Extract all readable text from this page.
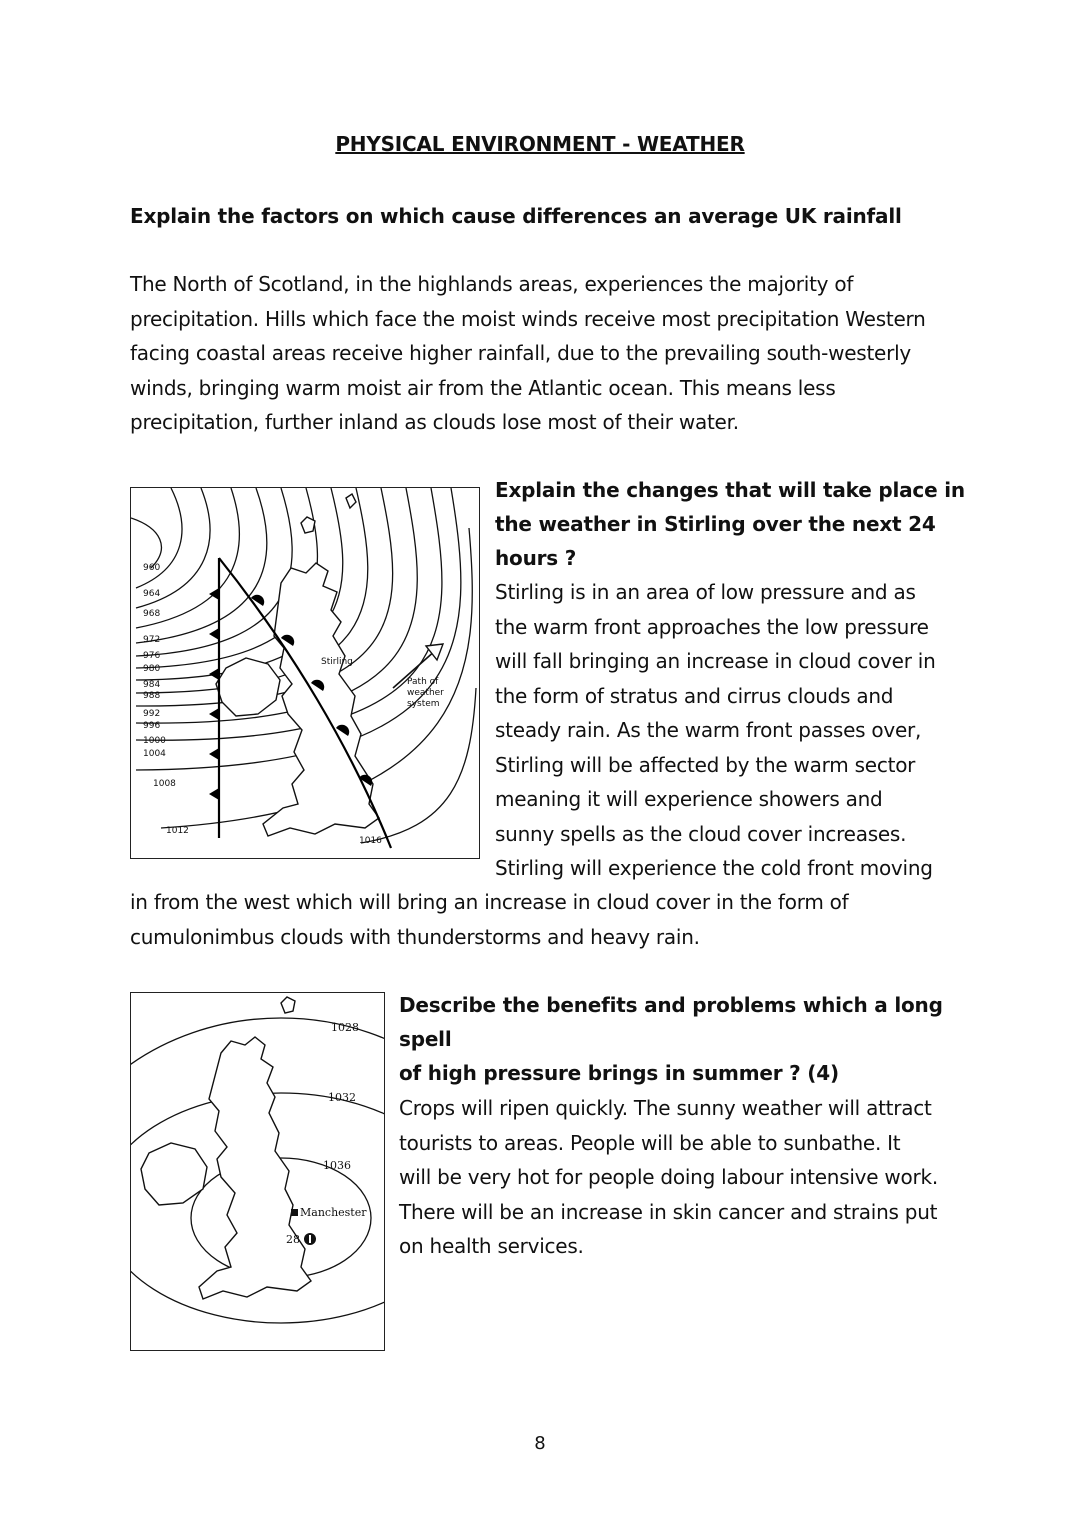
PHYSICAL ENVIRONMENT - WEATHER

Explain the factors on which cause differences an average UK rainfall

The North of Scotland, in the highlands areas, experiences the majority of

precipitation. Hills which face the moist winds receive most precipitation Western

facing coastal areas receive higher rainfall, due to the prevailing south-westerly

winds, bringing warm moist air from the Atlantic ocean. This means less

precipitation, further inland as clouds lose most of their water.

960
964
968
972
976
980
984
988
992
996
1000
1004
1008
1012
1016
Stirling
Path of
weather
system

Explain the changes that will take place in

the weather in Stirling over the next 24

hours ?

Stirling is in an area of low pressure and as

the warm front approaches the low pressure

will fall bringing an increase in cloud cover in

the form of stratus and cirrus clouds and

steady rain. As the warm front passes over,

Stirling will be affected by the warm sector

meaning it will experience showers and

sunny spells as the cloud cover increases.

Stirling will experience the cold front moving

in from the west which will bring an increase in cloud cover in the form of

cumulonimbus clouds with thunderstorms and heavy rain.

1028
1032
1036
Manchester
28

Describe the benefits and problems which a long spell

of high pressure brings in summer ? (4)

Crops will ripen quickly. The sunny weather will attract

tourists to areas. People will be able to sunbathe. It

will be very hot for people doing labour intensive work.

There will be an increase in skin cancer and strains put

on health services.

8
